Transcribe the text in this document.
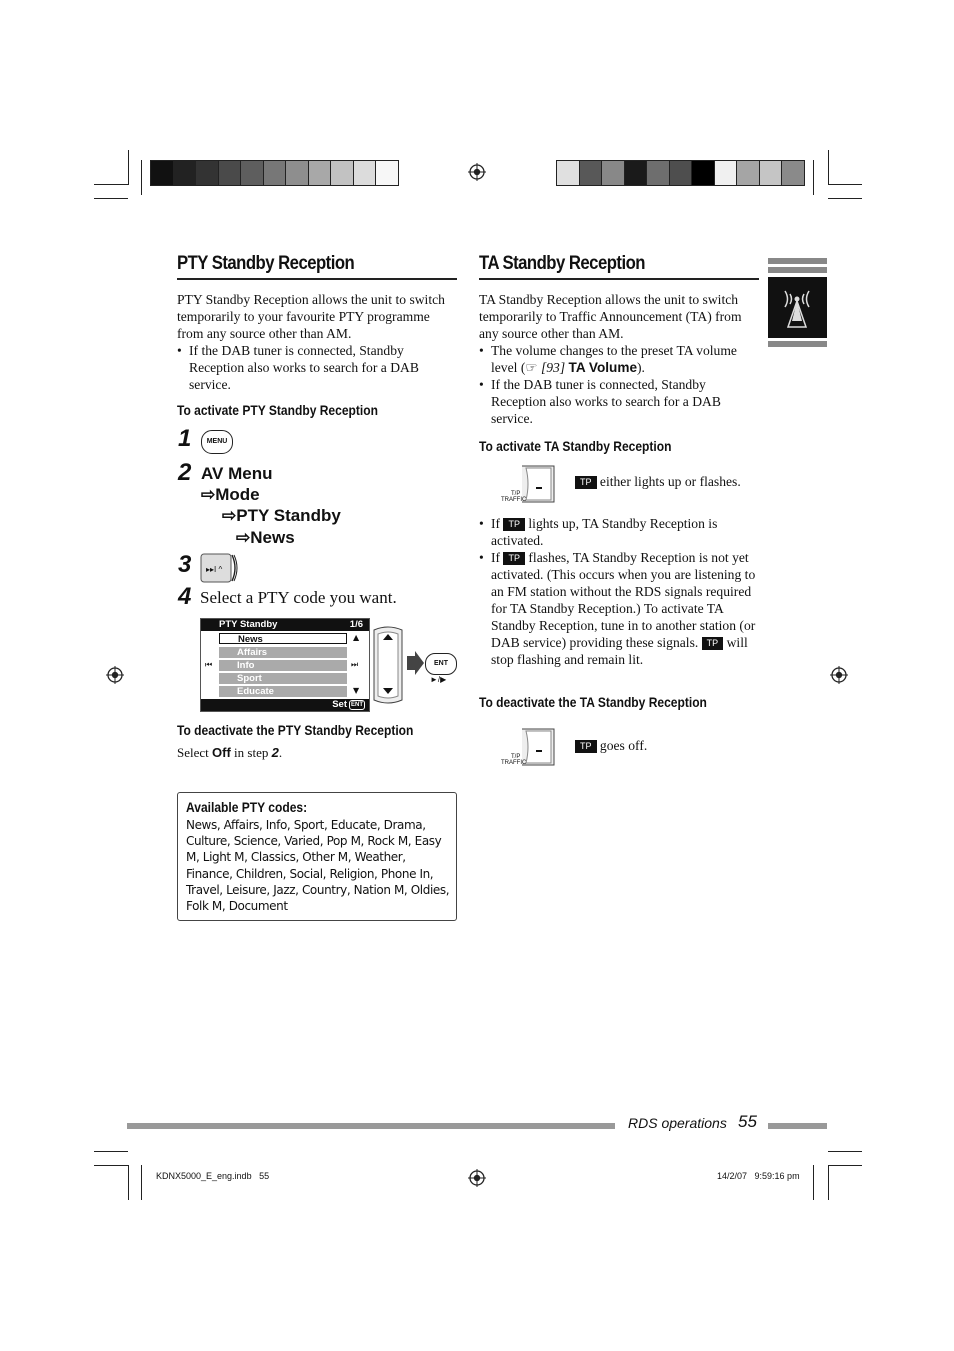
PTY Standby Reception
PTY Standby Reception allows the unit to switch temporarily to your favourite PTY programme from any source other than AM.
• If the DAB tuner is connected, Standby Reception also works to search for a DAB service.
To activate PTY Standby Reception
1	MENU
2 AV Menu
⇨Mode
⇨PTY Standby
⇨News
3 ▸▸I ^
4 Select a PTY code you want.
PTY Standby	1/6
News
Affairs
Info
Sport
Educate
▲
▼
⏮	⏭
Set ENT
ENT
►/▶
To deactivate the PTY Standby Reception
Select Off in step 2.
Available PTY codes:
News, Affairs, Info, Sport, Educate, Drama, Culture, Science, Varied, Pop M, Rock M, Easy M, Light M, Classics, Other M, Weather, Finance, Children, Social, Religion, Phone In, Travel, Leisure, Jazz, Country, Nation M, Oldies, Folk M, Document
TA Standby Reception
TA Standby Reception allows the unit to switch temporarily to Traffic Announcement (TA) from any source other than AM.
• The volume changes to the preset TA volume level (☞ [93] TA Volume).
• If the DAB tuner is connected, Standby Reception also works to search for a DAB service.
To activate TA Standby Reception
T/P
TRAFFIC
TP either lights up or flashes.
• If TP lights up, TA Standby Reception is activated.
• If TP flashes, TA Standby Reception is not yet activated. (This occurs when you are listening to an FM station without the RDS signals required for TA Standby Reception.) To activate TA Standby Reception, tune in to another station (or DAB service) providing these signals. TP will stop flashing and remain lit.
To deactivate the TA Standby Reception
T/P
TRAFFIC
TP goes off.
RDS operations 55
KDNX5000_E_eng.indb   55	14/2/07   9:59:16 pm
